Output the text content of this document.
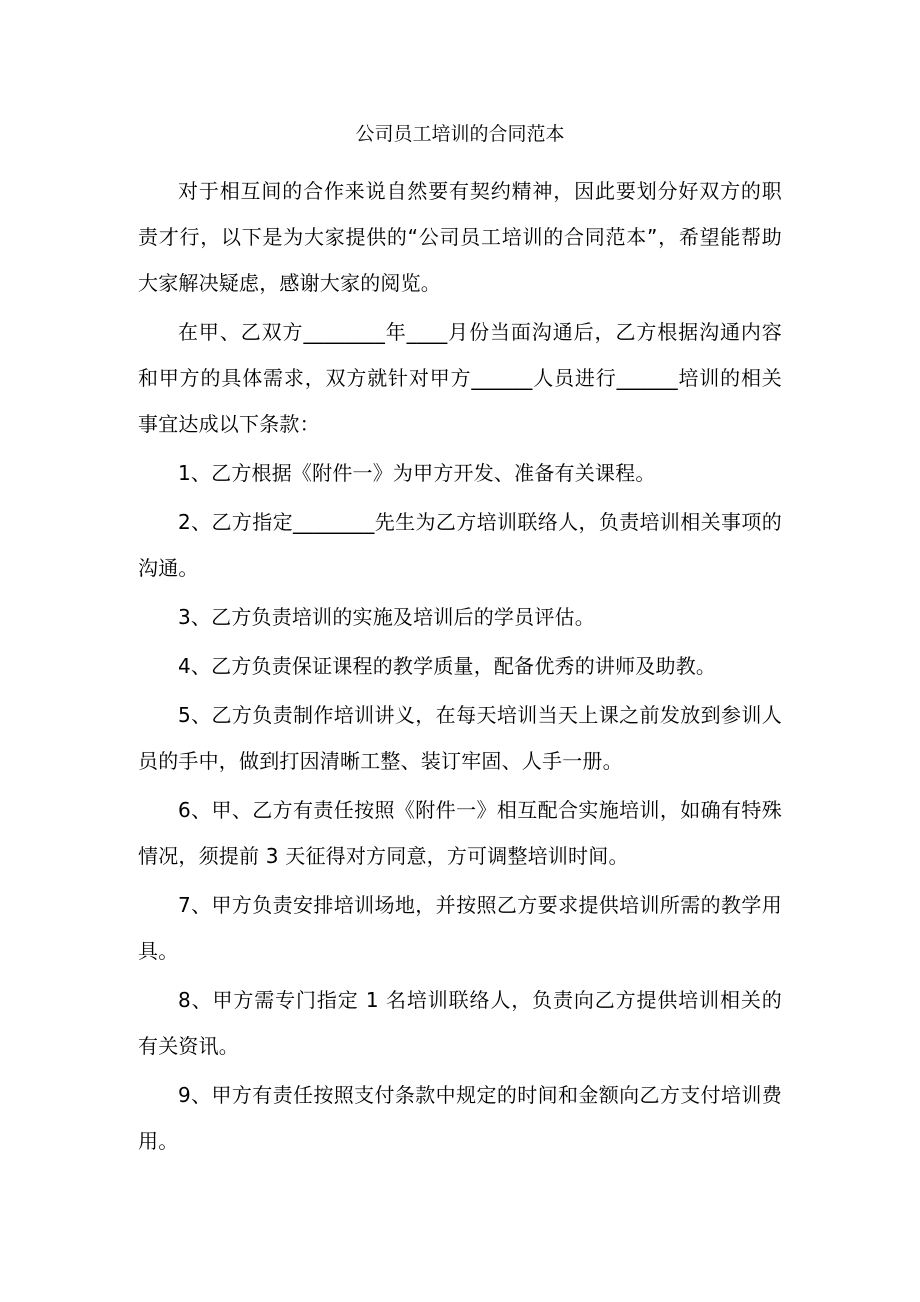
公司员工培训的合同范本

对于相互间的合作来说自然要有契约精神，因此要划分好双方的职责才行，以下是为大家提供的“公司员工培训的合同范本”，希望能帮助大家解决疑虑，感谢大家的阅览。

在甲、乙双方________年____月份当面沟通后，乙方根据沟通内容和甲方的具体需求，双方就针对甲方______人员进行______培训的相关事宜达成以下条款：

1、乙方根据《附件一》为甲方开发、准备有关课程。

2、乙方指定________先生为乙方培训联络人，负责培训相关事项的沟通。

3、乙方负责培训的实施及培训后的学员评估。

4、乙方负责保证课程的教学质量，配备优秀的讲师及助教。

5、乙方负责制作培训讲义，在每天培训当天上课之前发放到参训人员的手中，做到打因清晰工整、装订牢固、人手一册。

6、甲、乙方有责任按照《附件一》相互配合实施培训，如确有特殊情况，须提前 3 天征得对方同意，方可调整培训时间。

7、甲方负责安排培训场地，并按照乙方要求提供培训所需的教学用具。

8、甲方需专门指定 1 名培训联络人，负责向乙方提供培训相关的有关资讯。

9、甲方有责任按照支付条款中规定的时间和金额向乙方支付培训费用。
